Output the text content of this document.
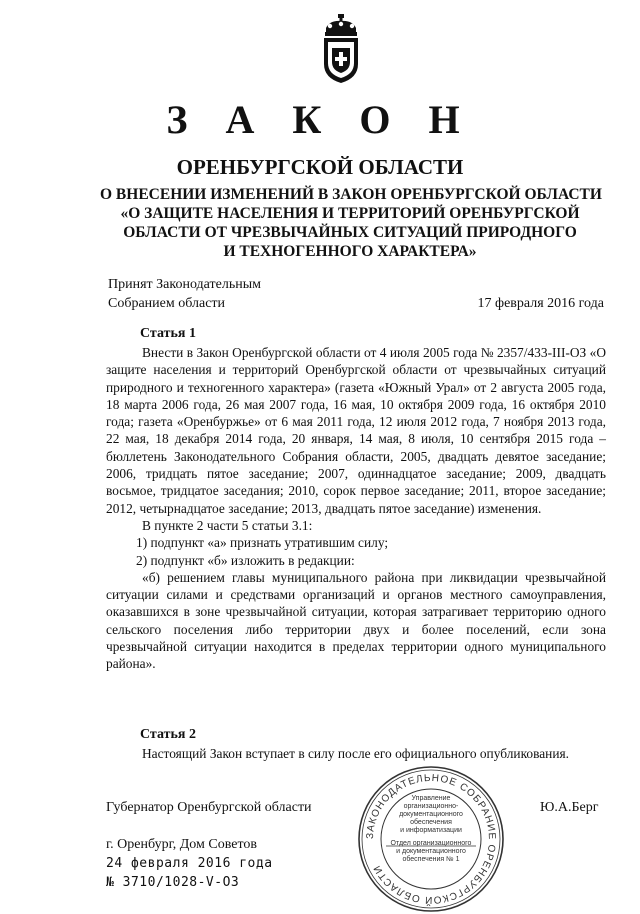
З А К О Н
ОРЕНБУРГСКОЙ ОБЛАСТИ
О ВНЕСЕНИИ ИЗМЕНЕНИЙ В ЗАКОН ОРЕНБУРГСКОЙ ОБЛАСТИ
«О ЗАЩИТЕ НАСЕЛЕНИЯ И ТЕРРИТОРИЙ ОРЕНБУРГСКОЙ
ОБЛАСТИ ОТ ЧРЕЗВЫЧАЙНЫХ СИТУАЦИЙ ПРИРОДНОГО
И ТЕХНОГЕННОГО ХАРАКТЕРА»
Принят Законодательным
Собранием области	17 февраля 2016 года
Статья 1

Внести в Закон Оренбургской области от 4 июля 2005 года № 2357/433-III-ОЗ «О защите населения и территорий Оренбургской области от чрезвычайных ситуаций природного и техногенного характера» (газета «Южный Урал» от 2 августа 2005 года, 18 марта 2006 года, 26 мая 2007 года, 16 мая, 10 октября 2009 года, 16 октября 2010 года; газета «Оренбуржье» от 6 мая 2011 года, 12 июля 2012 года, 7 ноября 2013 года, 22 мая, 18 декабря 2014 года, 20 января, 14 мая, 8 июля, 10 сентября 2015 года – бюллетень Законодательного Собрания области, 2005, двадцать девятое заседание; 2006, тридцать пятое заседание; 2007, одиннадцатое заседание; 2009, двадцать восьмое, тридцатое заседания; 2010, сорок первое заседание; 2011, второе заседание; 2012, четырнадцатое заседание; 2013, двадцать пятое заседание) изменения.

В пункте 2 части 5 статьи 3.1:

1) подпункт «а» признать утратившим силу;

2) подпункт «б» изложить в редакции:

«б) решением главы муниципального района при ликвидации чрезвычайной ситуации силами и средствами организаций и органов местного самоуправления, оказавшихся в зоне чрезвычайной ситуации, которая затрагивает территорию одного сельского поселения либо территории двух и более поселений, если зона чрезвычайной ситуации находится в пределах территории одного муниципального района».

Статья 2

Настоящий Закон вступает в силу после его официального опубликования.

Губернатор Оренбургской области	Ю.А.Берг
г. Оренбург, Дом Советов
24 февраля 2016 года
№ 3710/1028-V-ОЗ
ЗАКОНОДАТЕЛЬНОЕ СОБРАНИЕ ОРЕНБУРГСКОЙ ОБЛАСТИ
Управление
организационно-
документационного
обеспечения
и информатизации
Отдел организационного
и документационного
обеспечения № 1
